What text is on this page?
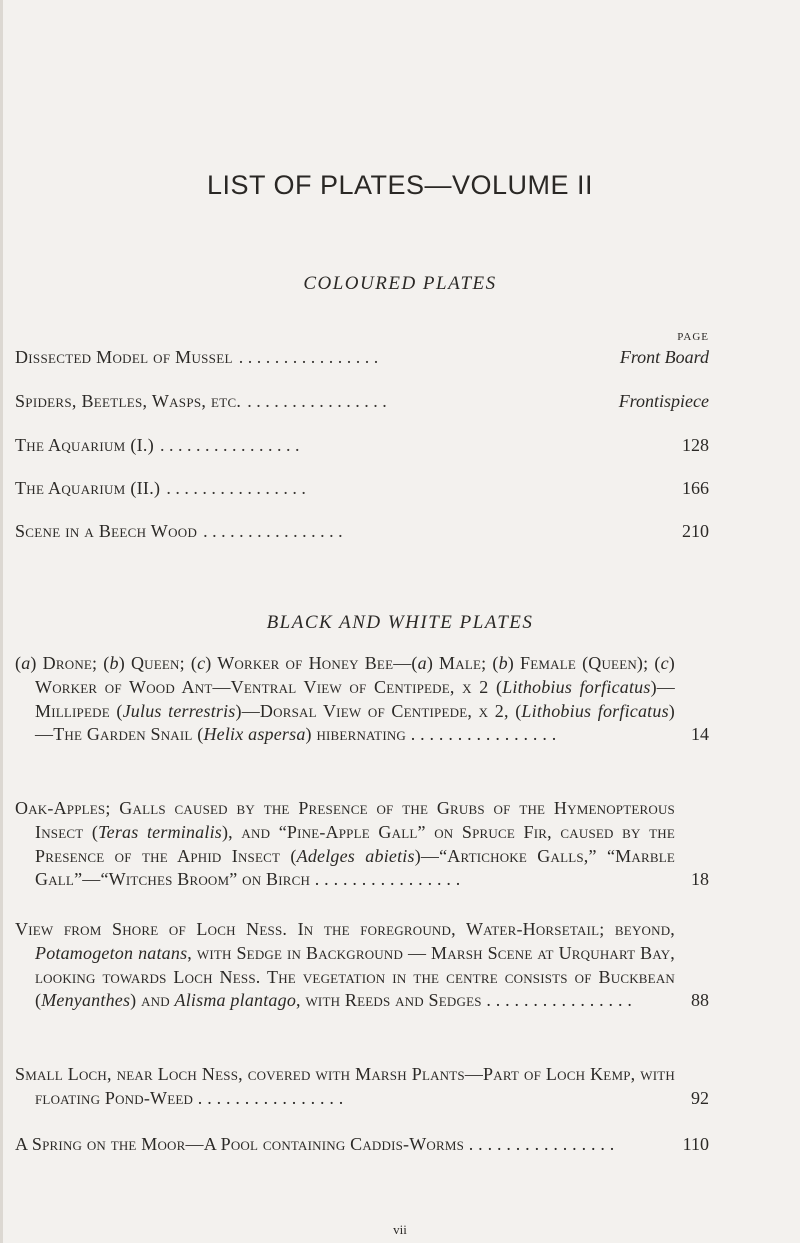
LIST OF PLATES—VOLUME II
COLOURED PLATES
PAGE
Dissected Model of Mussel .	Front Board
Spiders, Beetles, Wasps, etc. .	Frontispiece
The Aquarium (I.) .	128
The Aquarium (II.) .	166
Scene in a Beech Wood .	210
BLACK AND WHITE PLATES
(a) Drone; (b) Queen; (c) Worker of Honey Bee—(a) Male; (b) Female (Queen); (c) Worker of Wood Ant—Ventral View of Centipede, x 2 (Lithobius forficatus)—Millipede (Julus terrestris)—Dorsal View of Centipede, x 2, (Lithobius forficatus)—The Garden Snail (Helix aspersa) hibernating .	14
Oak-Apples; Galls caused by the Presence of the Grubs of the Hymenopterous Insect (Teras terminalis), and “Pine-Apple Gall” on Spruce Fir, caused by the Presence of the Aphid Insect (Adelges abietis)—“Artichoke Galls,” “Marble Gall”—“Witches Broom” on Birch .	18
View from Shore of Loch Ness. In the foreground, Water-Horsetail; beyond, Potamogeton natans, with Sedge in Background — Marsh Scene at Urquhart Bay, looking towards Loch Ness. The vegetation in the centre consists of Buckbean (Menyanthes) and Alisma plantago, with Reeds and Sedges .	88
Small Loch, near Loch Ness, covered with Marsh Plants—Part of Loch Kemp, with floating Pond-Weed .	92
A Spring on the Moor—A Pool containing Caddis-Worms .	110
vii
